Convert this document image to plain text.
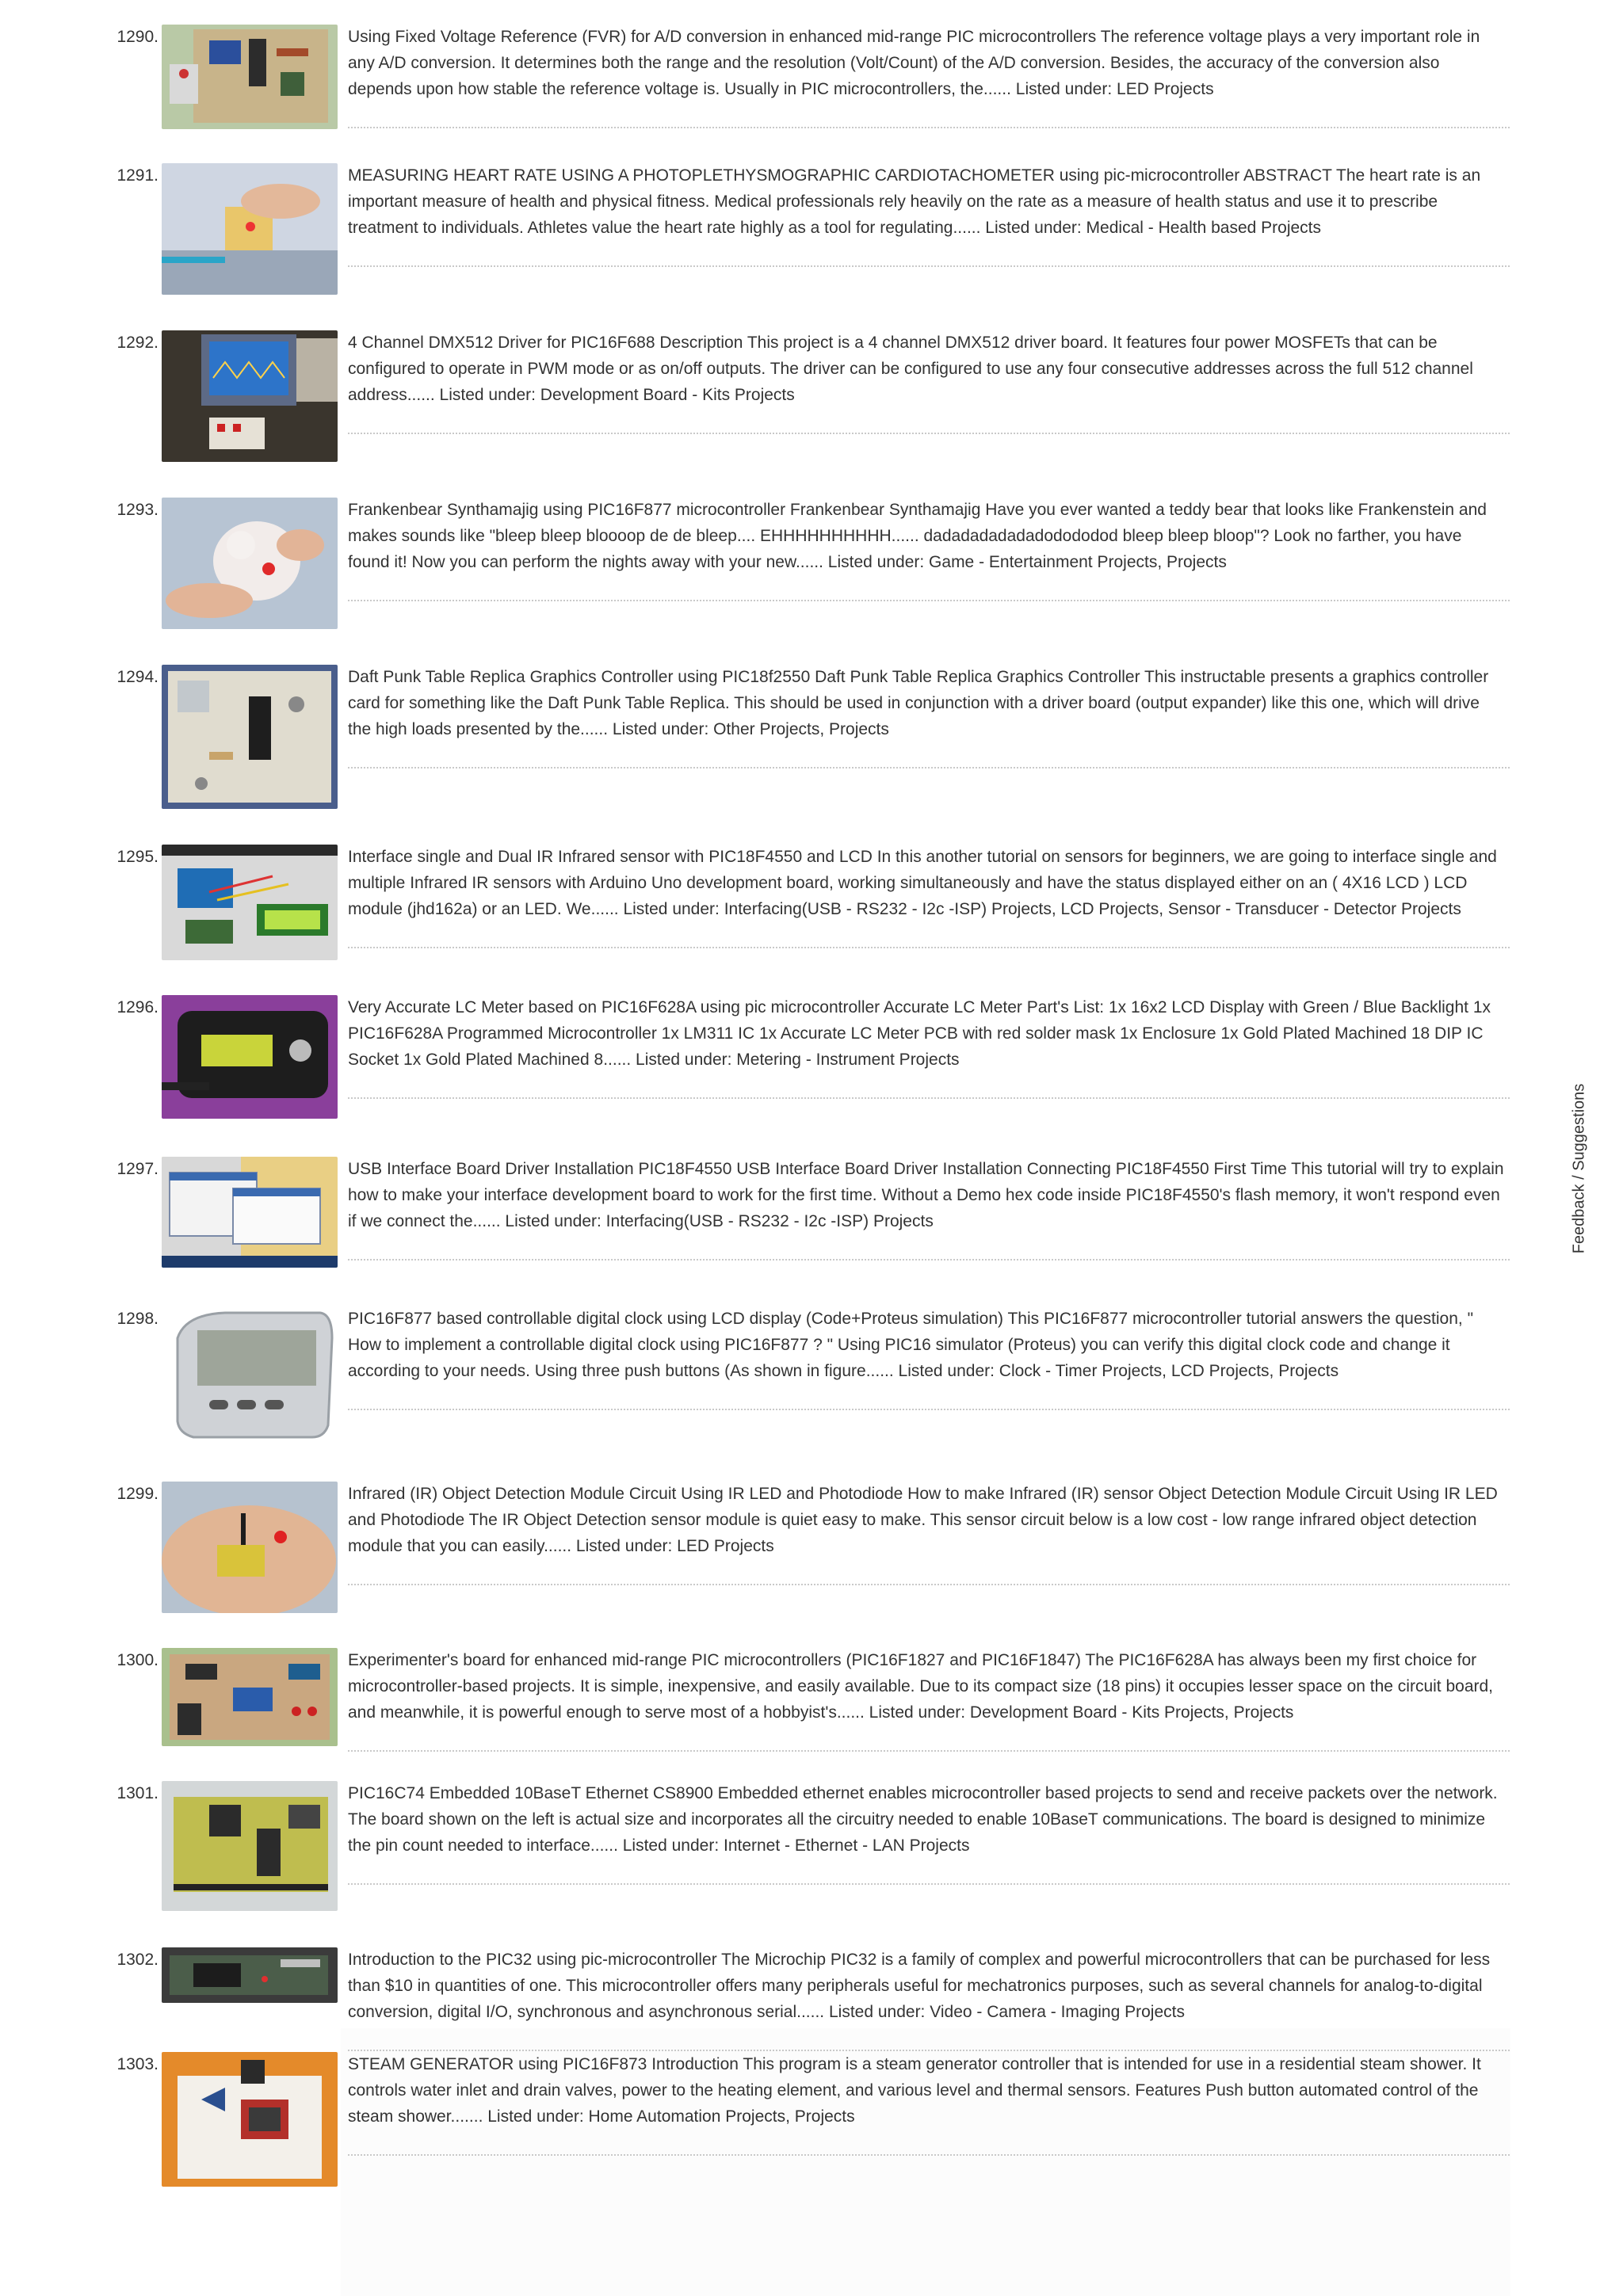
1290.	Using Fixed Voltage Reference (FVR) for A/D conversion in enhanced mid-range PIC microcontrollers The reference voltage plays a very important role in any A/D conversion. It determines both the range and the resolution (Volt/Count) of the A/D conversion. Besides, the accuracy of the conversion also depends upon how stable the reference voltage is. Usually in PIC microcontrollers, the...... Listed under: LED Projects

1291.	MEASURING HEART RATE USING A PHOTOPLETHYSMOGRAPHIC CARDIOTACHOMETER using pic-microcontroller ABSTRACT The heart rate is an important measure of health and physical fitness. Medical professionals rely heavily on the rate as a measure of health status and use it to prescribe treatment to individuals. Athletes value the heart rate highly as a tool for regulating...... Listed under: Medical - Health based Projects

1292.	4 Channel DMX512 Driver for PIC16F688 Description This project is a 4 channel DMX512 driver board. It features four power MOSFETs that can be configured to operate in PWM mode or as on/off outputs. The driver can be configured to use any four consecutive addresses across the full 512 channel address...... Listed under: Development Board - Kits Projects

1293.	Frankenbear Synthamajig using PIC16F877 microcontroller Frankenbear Synthamajig Have you ever wanted a teddy bear that looks like Frankenstein and makes sounds like "bleep bleep bloooop de de bleep.... EHHHHHHHHHH...... dadadadadadadodododod bleep bleep bloop"? Look no farther, you have found it! Now you can perform the nights away with your new...... Listed under: Game - Entertainment Projects, Projects

1294.	Daft Punk Table Replica Graphics Controller using PIC18f2550 Daft Punk Table Replica Graphics Controller This instructable presents a graphics controller card for something like the Daft Punk Table Replica. This should be used in conjunction with a driver board (output expander) like this one, which will drive the high loads presented by the...... Listed under: Other Projects, Projects

1295.	Interface single and Dual IR Infrared sensor with PIC18F4550 and LCD In this another tutorial on sensors for beginners, we are going to interface single and multiple Infrared IR sensors with Arduino Uno development board, working simultaneously and have the status displayed either on an ( 4X16 LCD ) LCD module (jhd162a) or an LED. We...... Listed under: Interfacing(USB - RS232 - I2c -ISP) Projects, LCD Projects, Sensor - Transducer - Detector Projects

1296.	Very Accurate LC Meter based on PIC16F628A using pic microcontroller Accurate LC Meter Part's List: 1x 16x2 LCD Display with Green / Blue Backlight 1x PIC16F628A Programmed Microcontroller 1x LM311 IC 1x Accurate LC Meter PCB with red solder mask 1x Enclosure 1x Gold Plated Machined 18 DIP IC Socket 1x Gold Plated Machined 8...... Listed under: Metering - Instrument Projects

1297.	USB Interface Board Driver Installation PIC18F4550 USB Interface Board Driver Installation Connecting PIC18F4550 First Time This tutorial will try to explain how to make your interface development board to work for the first time. Without a Demo hex code inside PIC18F4550's flash memory, it won't respond even if we connect the...... Listed under: Interfacing(USB - RS232 - I2c -ISP) Projects

1298.	PIC16F877 based controllable digital clock using LCD display (Code+Proteus simulation) This PIC16F877 microcontroller tutorial answers the question, " How to implement a controllable digital clock using PIC16F877 ? " Using PIC16 simulator (Proteus) you can verify this digital clock code and change it according to your needs. Using three push buttons (As shown in figure...... Listed under: Clock - Timer Projects, LCD Projects, Projects

1299.	Infrared (IR) Object Detection Module Circuit Using IR LED and Photodiode How to make Infrared (IR) sensor Object Detection Module Circuit Using IR LED and Photodiode The IR Object Detection sensor module is quiet easy to make. This sensor circuit below is a low cost - low range infrared object detection module that you can easily...... Listed under: LED Projects

1300.	Experimenter's board for enhanced mid-range PIC microcontrollers (PIC16F1827 and PIC16F1847) The PIC16F628A has always been my first choice for microcontroller-based projects. It is simple, inexpensive, and easily available. Due to its compact size (18 pins) it occupies lesser space on the circuit board, and meanwhile, it is powerful enough to serve most of a hobbyist's...... Listed under: Development Board - Kits Projects, Projects

1301.	PIC16C74 Embedded 10BaseT Ethernet CS8900 Embedded ethernet enables microcontroller based projects to send and receive packets over the network. The board shown on the left is actual size and incorporates all the circuitry needed to enable 10BaseT communications. The board is designed to minimize the pin count needed to interface...... Listed under: Internet - Ethernet - LAN Projects

1302.	Introduction to the PIC32 using pic-microcontroller The Microchip PIC32 is a family of complex and powerful microcontrollers that can be purchased for less than $10 in quantities of one. This microcontroller offers many peripherals useful for mechatronics purposes, such as several channels for analog-to-digital conversion, digital I/O, synchronous and asynchronous serial...... Listed under: Video - Camera - Imaging Projects

1303.	STEAM GENERATOR using PIC16F873 Introduction This program is a steam generator controller that is intended for use in a residential steam shower. It controls water inlet and drain valves, power to the heating element, and various level and thermal sensors. Features Push button automated control of the steam shower....... Listed under: Home Automation Projects, Projects

Feedback / Suggestions
